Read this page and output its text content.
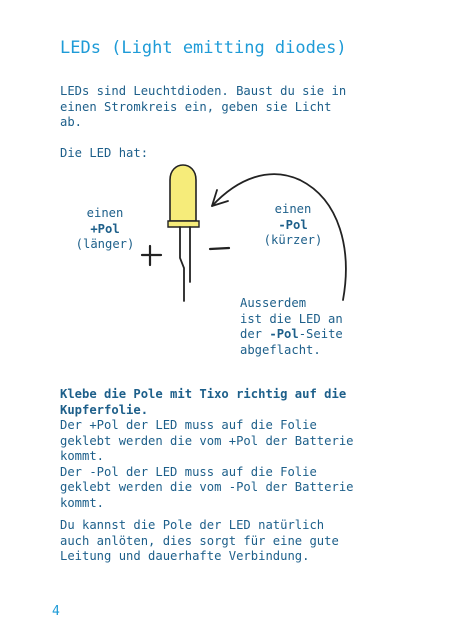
LEDs (Light emitting diodes)
LEDs sind Leuchtdioden. Baust du sie in
einen Stromkreis ein, geben sie Licht
ab.
Die LED hat:
einen
+Pol
(länger)
einen
-Pol
(kürzer)
Ausserdem
ist die LED an
der -Pol-Seite
abgeflacht.
Klebe die Pole mit Tixo richtig auf die
Kupferfolie.
Der +Pol der LED muss auf die Folie
geklebt werden die vom +Pol der Batterie
kommt.
Der -Pol der LED muss auf die Folie
geklebt werden die vom -Pol der Batterie
kommt.
Du kannst die Pole der LED natürlich
auch anlöten, dies sorgt für eine gute
Leitung und dauerhafte Verbindung.
4
